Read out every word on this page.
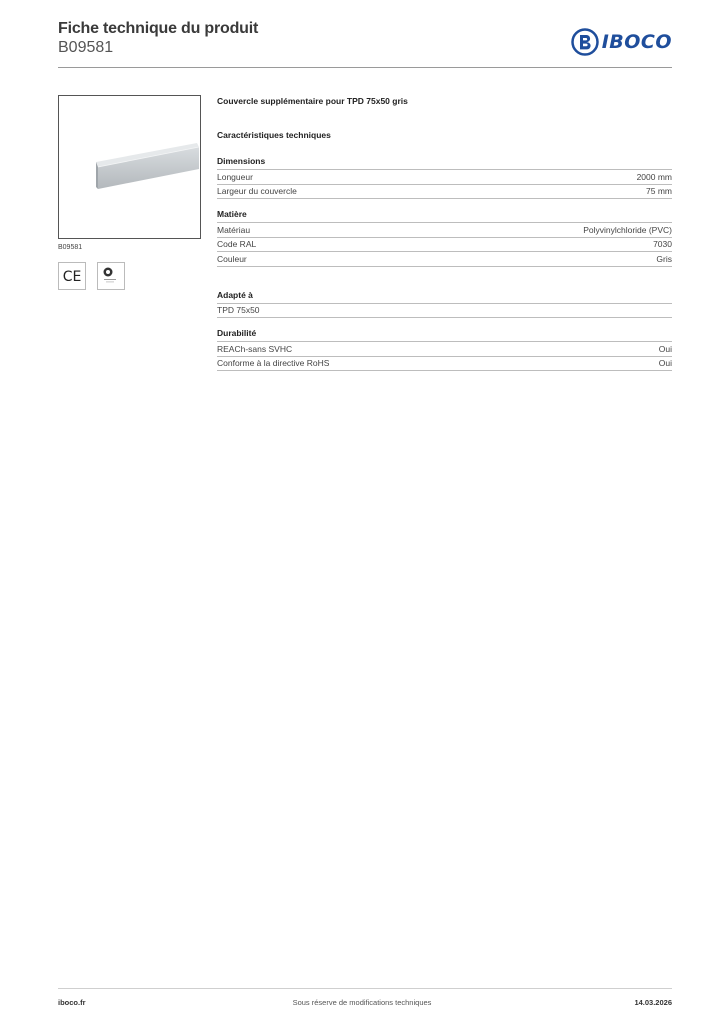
Fiche technique du produit
B09581	IBOCO
B09581
CE
Couvercle supplémentaire pour TPD 75x50 gris
Caractéristiques techniques
Dimensions
Longueur	2000 mm
Largeur du couvercle	75 mm
Matière
Matériau	Polyvinylchloride (PVC)
Code RAL	7030
Couleur	Gris
Adapté à
TPD 75x50
Durabilité
REACh-sans SVHC	Oui
Conforme à la directive RoHS	Oui
iboco.fr	Sous réserve de modifications techniques	14.03.2026
